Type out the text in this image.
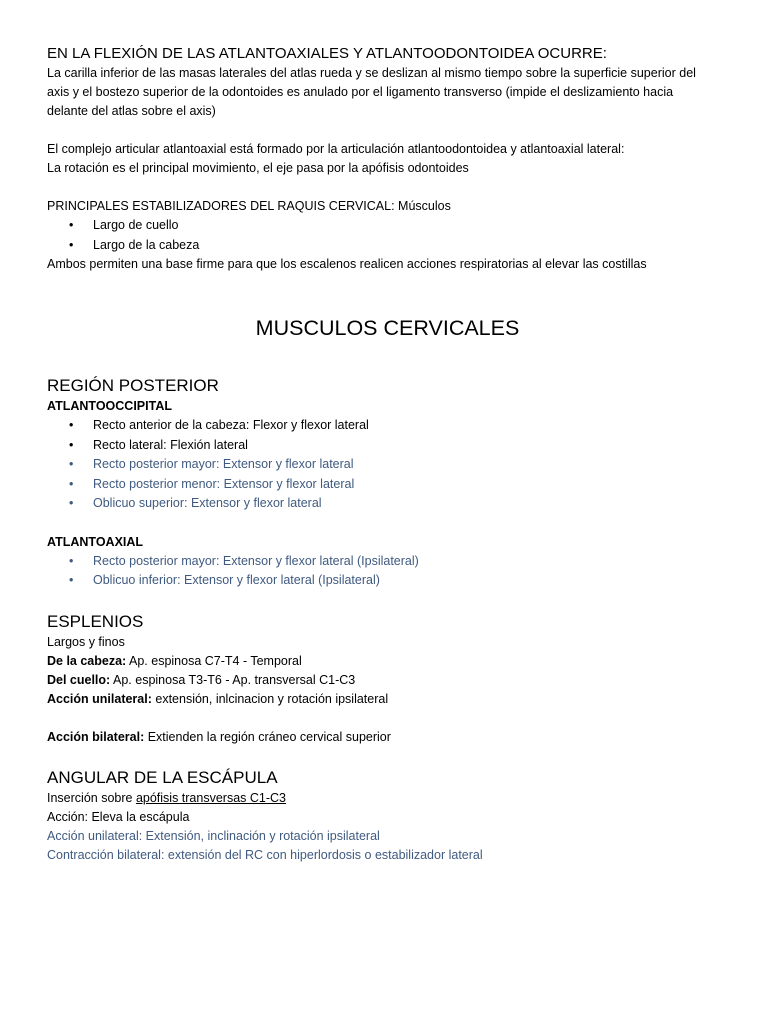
EN LA FLEXIÓN DE LAS ATLANTOAXIALES Y ATLANTOODONTOIDEA OCURRE:

La carilla inferior de las masas laterales del atlas rueda y se deslizan al mismo tiempo sobre la superficie superior del

axis y el bostezo superior de la odontoides es anulado por el ligamento transverso (impide el deslizamiento hacia

delante del atlas sobre el axis)

El complejo articular atlantoaxial está formado por la articulación atlantoodontoidea y atlantoaxial lateral:

La rotación es el principal movimiento, el eje pasa por la apófisis odontoides

PRINCIPALES ESTABILIZADORES DEL RAQUIS CERVICAL: Músculos

• Largo de cuello
• Largo de la cabeza

Ambos permiten una base firme para que los escalenos realicen acciones respiratorias al elevar las costillas

MUSCULOS CERVICALES
REGIÓN POSTERIOR

ATLANTOOCCIPITAL

• Recto anterior de la cabeza: Flexor y flexor lateral
• Recto lateral: Flexión lateral
• Recto posterior mayor: Extensor y flexor lateral
• Recto posterior menor: Extensor y flexor lateral
• Oblicuo superior: Extensor y flexor lateral

ATLANTOAXIAL

• Recto posterior mayor: Extensor y flexor lateral (Ipsilateral)
• Oblicuo inferior: Extensor y flexor lateral (Ipsilateral)
ESPLENIOS

Largos y finos

De la cabeza: Ap. espinosa C7-T4 - Temporal

Del cuello: Ap. espinosa T3-T6 - Ap. transversal C1-C3

Acción unilateral: extensión, inlcinacion y rotación ipsilateral

Acción bilateral: Extienden la región cráneo cervical superior

ANGULAR DE LA ESCÁPULA

Inserción sobre apófisis transversas C1-C3

Acción: Eleva la escápula

Acción unilateral: Extensión, inclinación y rotación ipsilateral

Contracción bilateral: extensión del RC con hiperlordosis o estabilizador lateral
